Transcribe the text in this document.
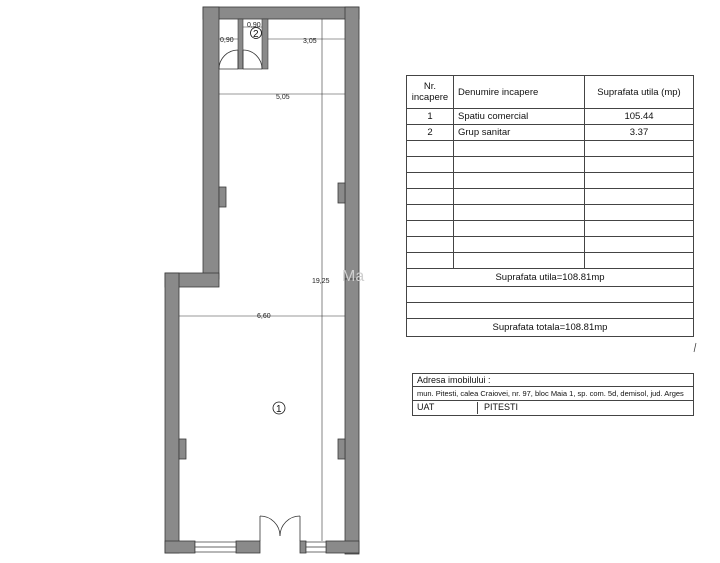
0,90
0,90
3,05
5,05
6,60
19,25
1
2
Ma
Nr. incapere	Denumire incapere	Suprafata utila (mp)
1	Spatiu comercial	105.44
2	Grup sanitar	3.37

Suprafata utila=108.81mp		

Suprafata totala=108.81mp		
Adresa imobilului :
mun. Pitesti, calea Craiovei, nr. 97, bloc Maia 1, sp. com. 5d, demisol, jud. Arges
UAT	PITESTI
